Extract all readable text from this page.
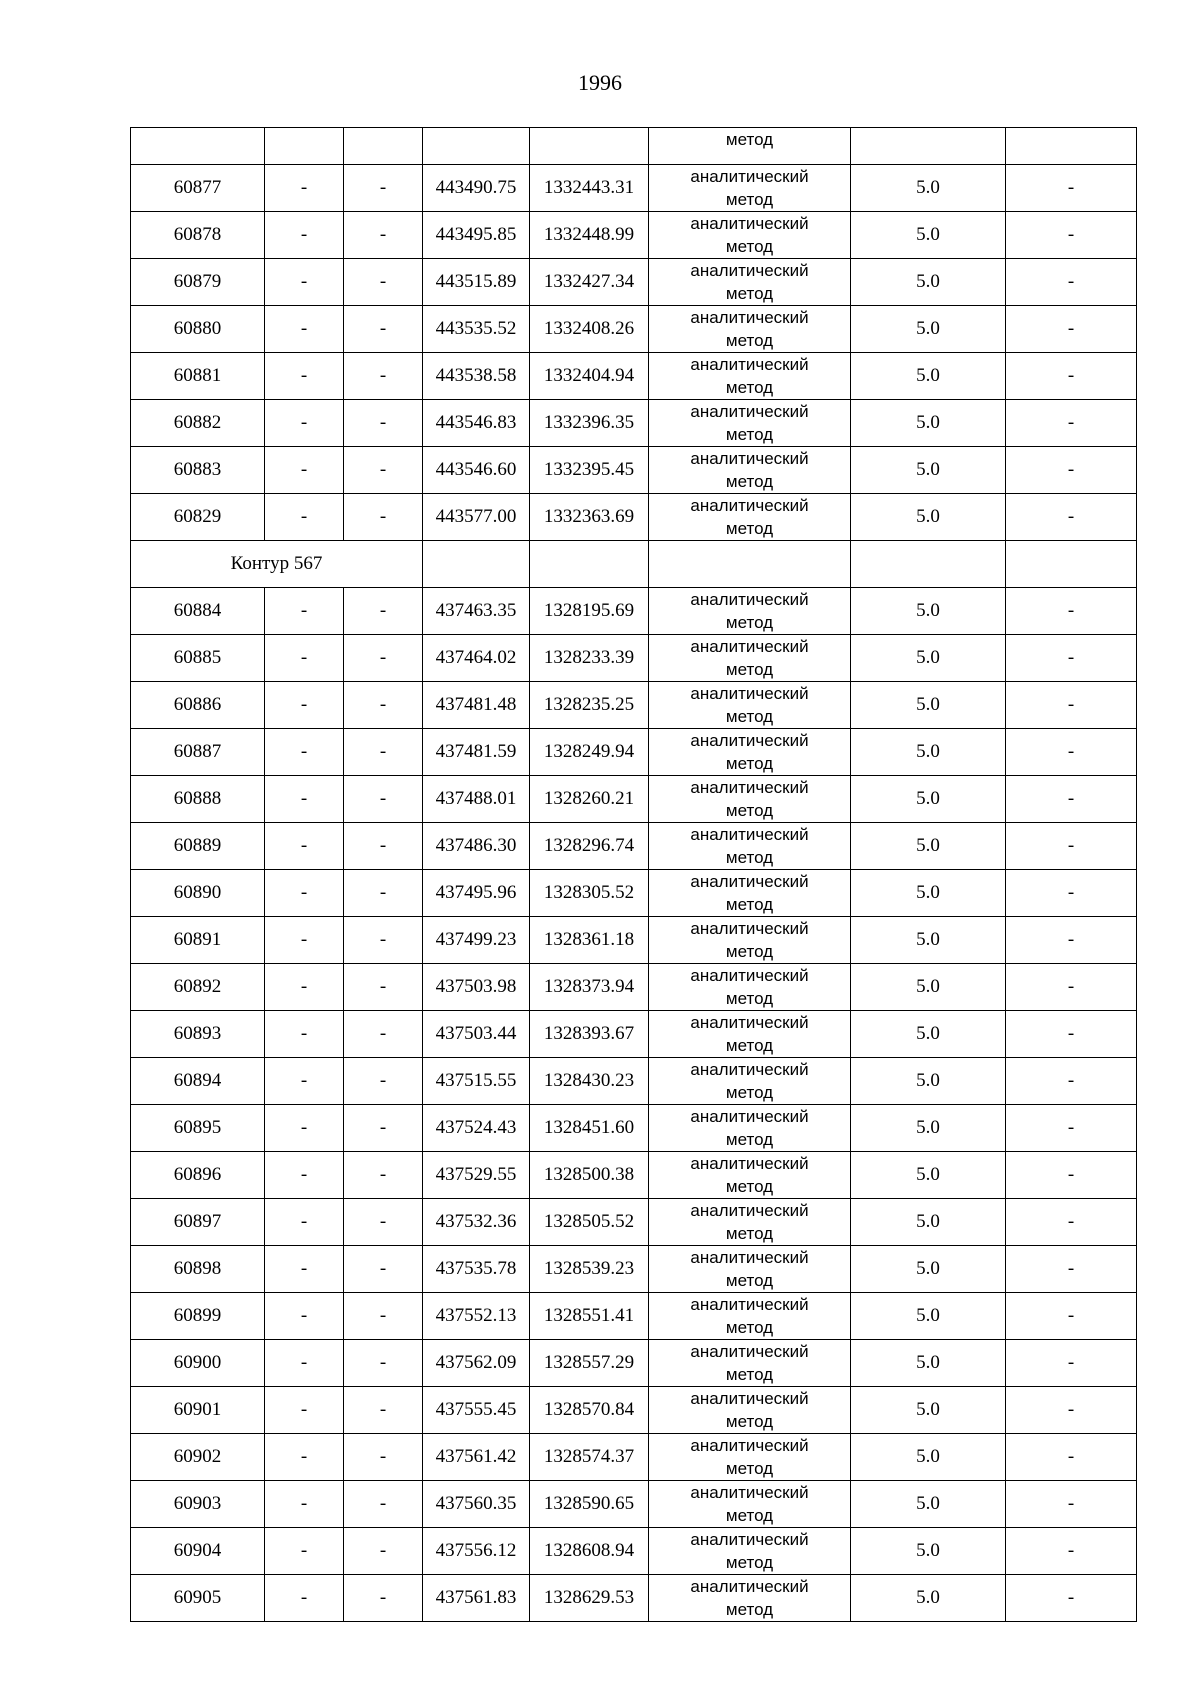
1996
					метод		
60877	-	-	443490.75	1332443.31	аналитический
метод	5.0	-
60878	-	-	443495.85	1332448.99	аналитический
метод	5.0	-
60879	-	-	443515.89	1332427.34	аналитический
метод	5.0	-
60880	-	-	443535.52	1332408.26	аналитический
метод	5.0	-
60881	-	-	443538.58	1332404.94	аналитический
метод	5.0	-
60882	-	-	443546.83	1332396.35	аналитический
метод	5.0	-
60883	-	-	443546.60	1332395.45	аналитический
метод	5.0	-
60829	-	-	443577.00	1332363.69	аналитический
метод	5.0	-
Контур 567							
60884	-	-	437463.35	1328195.69	аналитический
метод	5.0	-
60885	-	-	437464.02	1328233.39	аналитический
метод	5.0	-
60886	-	-	437481.48	1328235.25	аналитический
метод	5.0	-
60887	-	-	437481.59	1328249.94	аналитический
метод	5.0	-
60888	-	-	437488.01	1328260.21	аналитический
метод	5.0	-
60889	-	-	437486.30	1328296.74	аналитический
метод	5.0	-
60890	-	-	437495.96	1328305.52	аналитический
метод	5.0	-
60891	-	-	437499.23	1328361.18	аналитический
метод	5.0	-
60892	-	-	437503.98	1328373.94	аналитический
метод	5.0	-
60893	-	-	437503.44	1328393.67	аналитический
метод	5.0	-
60894	-	-	437515.55	1328430.23	аналитический
метод	5.0	-
60895	-	-	437524.43	1328451.60	аналитический
метод	5.0	-
60896	-	-	437529.55	1328500.38	аналитический
метод	5.0	-
60897	-	-	437532.36	1328505.52	аналитический
метод	5.0	-
60898	-	-	437535.78	1328539.23	аналитический
метод	5.0	-
60899	-	-	437552.13	1328551.41	аналитический
метод	5.0	-
60900	-	-	437562.09	1328557.29	аналитический
метод	5.0	-
60901	-	-	437555.45	1328570.84	аналитический
метод	5.0	-
60902	-	-	437561.42	1328574.37	аналитический
метод	5.0	-
60903	-	-	437560.35	1328590.65	аналитический
метод	5.0	-
60904	-	-	437556.12	1328608.94	аналитический
метод	5.0	-
60905	-	-	437561.83	1328629.53	аналитический
метод	5.0	-
